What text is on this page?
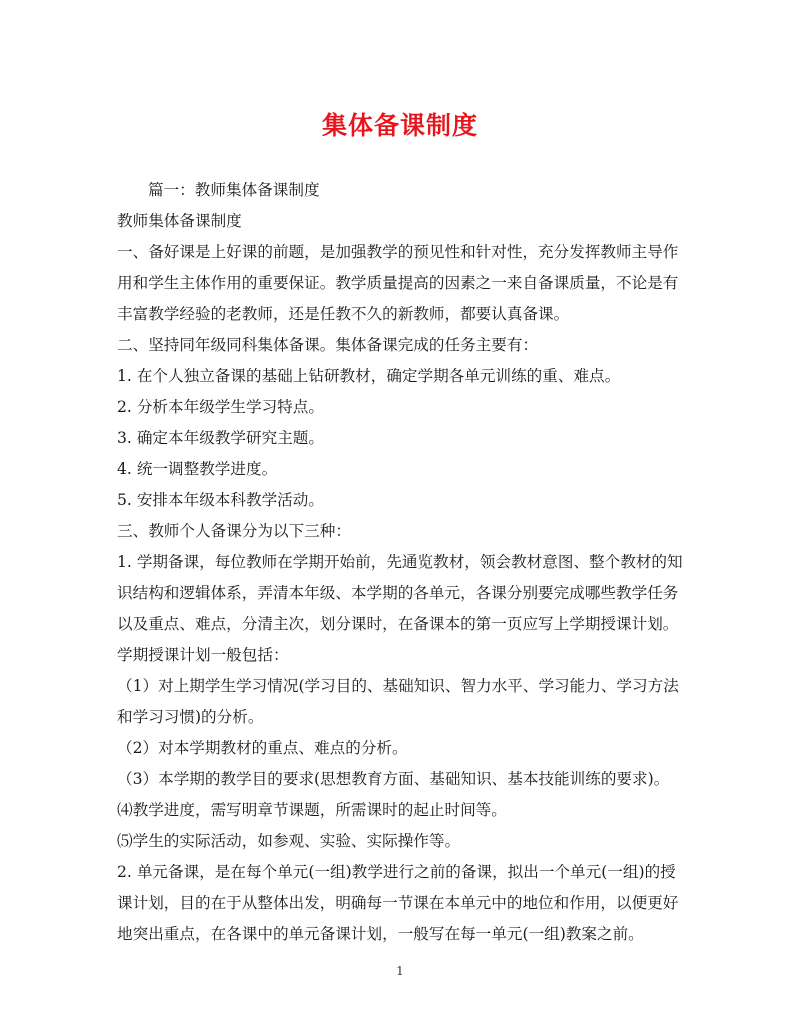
集体备课制度

篇一：教师集体备课制度

教师集体备课制度

一、备好课是上好课的前题，是加强教学的预见性和针对性，充分发挥教师主导作

用和学生主体作用的重要保证。教学质量提高的因素之一来自备课质量，不论是有

丰富教学经验的老教师，还是任教不久的新教师，都要认真备课。

二、坚持同年级同科集体备课。集体备课完成的任务主要有：

1. 在个人独立备课的基础上钻研教材，确定学期各单元训练的重、难点。

2. 分析本年级学生学习特点。

3. 确定本年级教学研究主题。

4. 统一调整教学进度。

5. 安排本年级本科教学活动。

三、教师个人备课分为以下三种：

1. 学期备课，每位教师在学期开始前，先通览教材，领会教材意图、整个教材的知

识结构和逻辑体系，弄清本年级、本学期的各单元，各课分别要完成哪些教学任务

以及重点、难点，分清主次，划分课时，在备课本的第一页应写上学期授课计划。

学期授课计划一般包括：

（1）对上期学生学习情况(学习目的、基础知识、智力水平、学习能力、学习方法

和学习习惯)的分析。

（2）对本学期教材的重点、难点的分析。

（3）本学期的教学目的要求(思想教育方面、基础知识、基本技能训练的要求)。

⑷教学进度，需写明章节课题，所需课时的起止时间等。

⑸学生的实际活动，如参观、实验、实际操作等。

2. 单元备课，是在每个单元(一组)教学进行之前的备课，拟出一个单元(一组)的授

课计划，目的在于从整体出发，明确每一节课在本单元中的地位和作用，以便更好

地突出重点，在各课中的单元备课计划，一般写在每一单元(一组)教案之前。

1
